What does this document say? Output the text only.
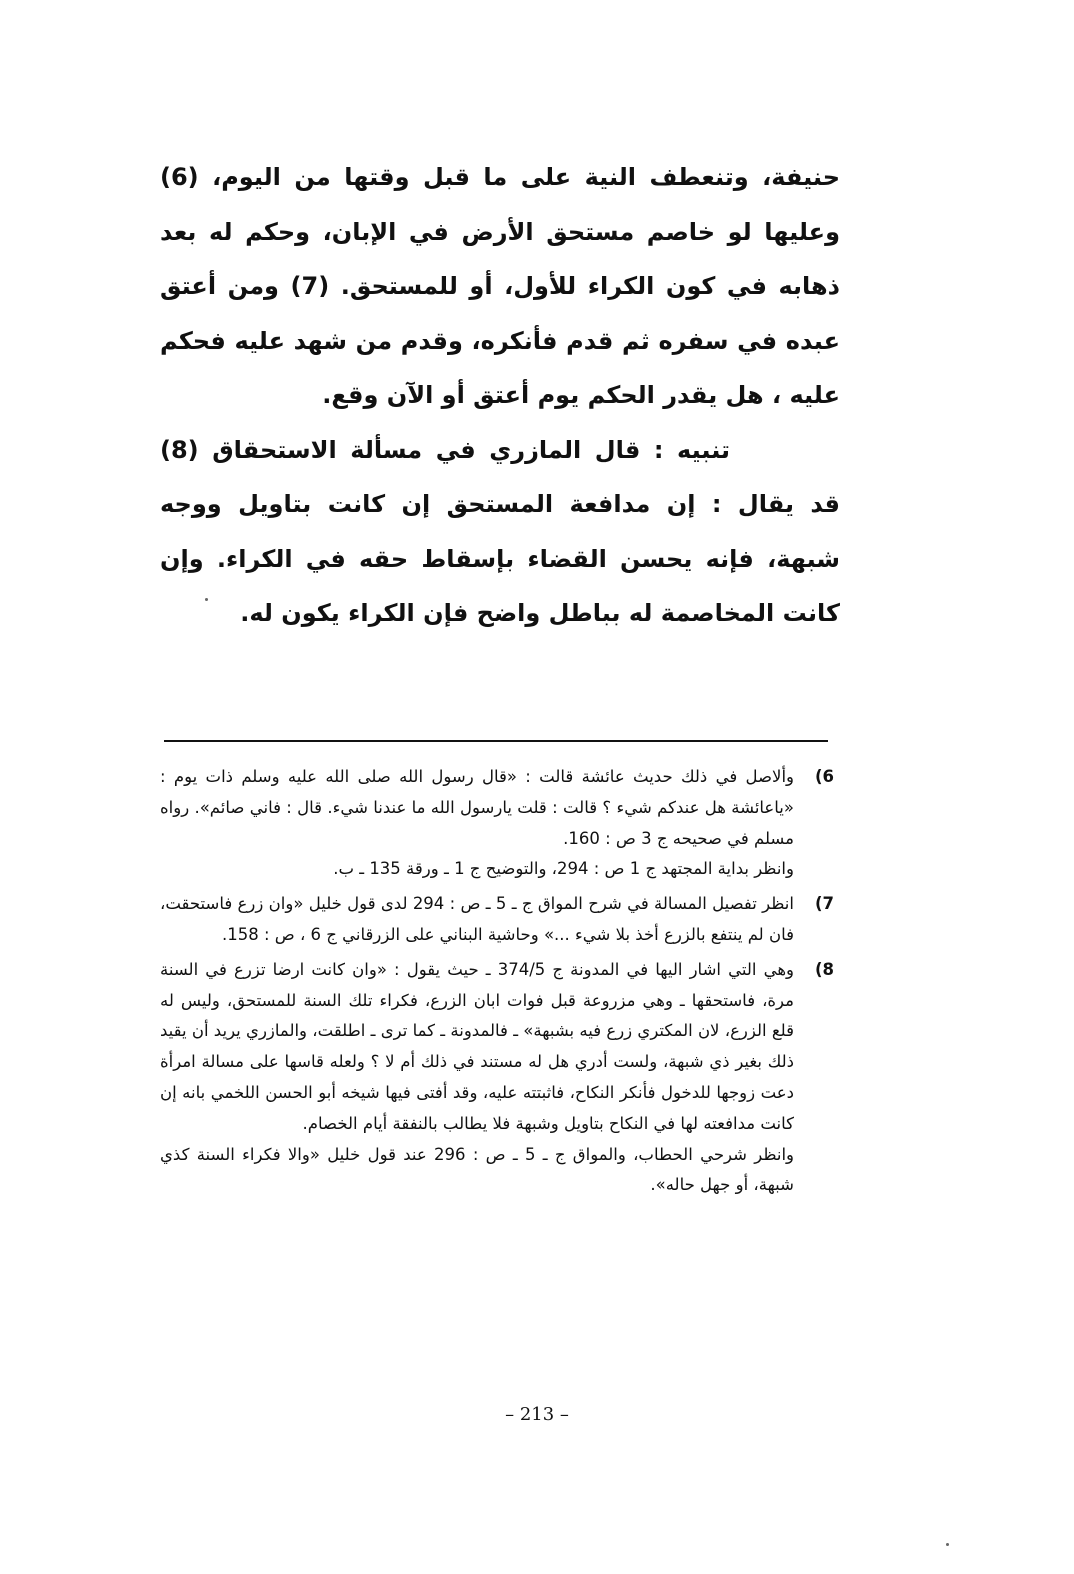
حنيفة، وتنعطف النية على ما قبل وقتها من اليوم، (6) وعليها لو خاصم مستحق الأرض في الإبان، وحكم له بعد ذهابه في كون الكراء للأول، أو للمستحق. (7) ومن أعتق عبده في سفره ثم قدم فأنكره، وقدم من شهد عليه فحكم عليه ، هل يقدر الحكم يوم أعتق أو الآن وقع.

تنبيه : قال المازري في مسألة الاستحقاق (8) قد يقال : إن مدافعة المستحق إن كانت بتاويل ووجه شبهة، فإنه يحسن القضاء بإسقاط حقه في الكراء. وإن كانت المخاصمة له بباطل واضح فإن الكراء يكون له.

(6

وألاصل في ذلك حديث عائشة قالت : «قال رسول الله صلى الله عليه وسلم ذات يوم : «ياعائشة هل عندكم شيء ؟ قالت : قلت يارسول الله ما عندنا شيء. قال : فاني صائم». رواه مسلم في صحيحه ج 3 ص : 160.

وانظر بداية المجتهد ج 1 ص : 294، والتوضيح ج 1 ـ ورقة 135 ـ ب.

(7

انظر تفصيل المسالة في شرح المواق ج ـ 5 ـ ص : 294 لدى قول خليل «وان زرع فاستحقت، فان لم ينتفع بالزرع أخذ بلا شيء ...» وحاشية البناني على الزرقاني ج 6 ، ص : 158.

(8

وهي التي اشار اليها في المدونة ج 374/5 ـ حيث يقول : «وان كانت ارضا تزرع في السنة مرة، فاستحقها ـ وهي مزروعة قبل فوات ابان الزرع، فكراء تلك السنة للمستحق، وليس له قلع الزرع، لان المكتري زرع فيه بشبهة» ـ فالمدونة ـ كما ترى ـ اطلقت، والمازري يريد أن يقيد ذلك بغير ذي شبهة، ولست أدري هل له مستند في ذلك أم لا ؟ ولعله قاسها على مسالة امرأة دعت زوجها للدخول فأنكر النكاح، فاثبتته عليه، وقد أفتى فيها شيخه أبو الحسن اللخمي بانه إن كانت مدافعته لها في النكاح بتاويل وشبهة فلا يطالب بالنفقة أيام الخصام.

وانظر شرحي الحطاب، والمواق ج ـ 5 ـ ص : 296 عند قول خليل «والا فكراء السنة كذي شبهة، أو جهل حاله».

– 213 –
